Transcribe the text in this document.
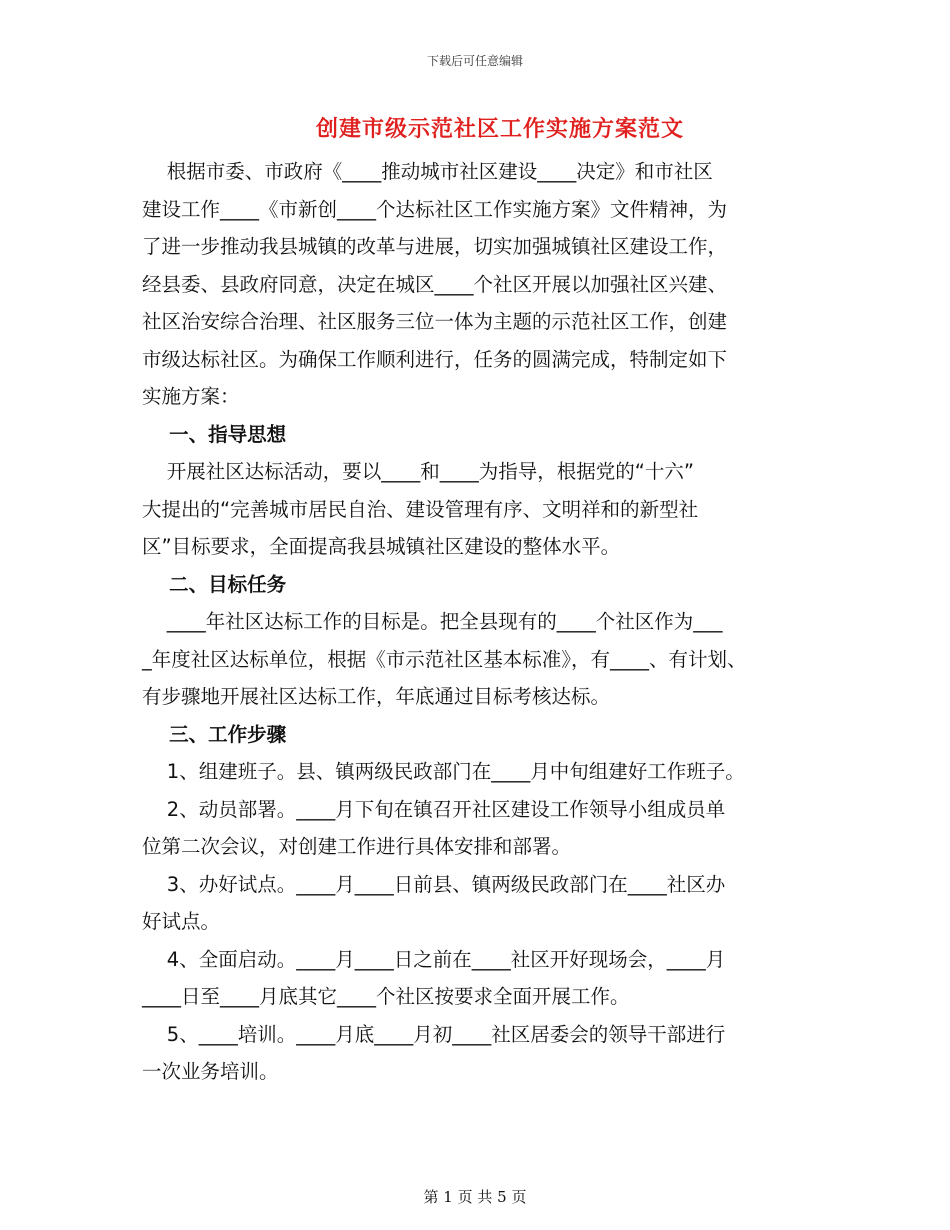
下载后可任意编辑
创建市级示范社区工作实施方案范文
根据市委、市政府《____推动城市社区建设____决定》和市社区
建设工作____《市新创____个达标社区工作实施方案》文件精神，为
了进一步推动我县城镇的改革与进展，切实加强城镇社区建设工作，
经县委、县政府同意，决定在城区____个社区开展以加强社区兴建、
社区治安综合治理、社区服务三位一体为主题的示范社区工作，创建
市级达标社区。为确保工作顺利进行，任务的圆满完成，特制定如下
实施方案：
一、指导思想
开展社区达标活动，要以____和____为指导，根据党的“十六”
大提出的“完善城市居民自治、建设管理有序、文明祥和的新型社
区”目标要求，全面提高我县城镇社区建设的整体水平。
二、目标任务
____年社区达标工作的目标是。把全县现有的____个社区作为___
_年度社区达标单位，根据《市示范社区基本标准》，有____、有计划、
有步骤地开展社区达标工作，年底通过目标考核达标。
三、工作步骤
1、组建班子。县、镇两级民政部门在____月中旬组建好工作班子。
2、动员部署。____月下旬在镇召开社区建设工作领导小组成员单
位第二次会议，对创建工作进行具体安排和部署。
3、办好试点。____月____日前县、镇两级民政部门在____社区办
好试点。
4、全面启动。____月____日之前在____社区开好现场会，____月
____日至____月底其它____个社区按要求全面开展工作。
5、____培训。____月底____月初____社区居委会的领导干部进行
一次业务培训。
第 1 页 共 5 页
